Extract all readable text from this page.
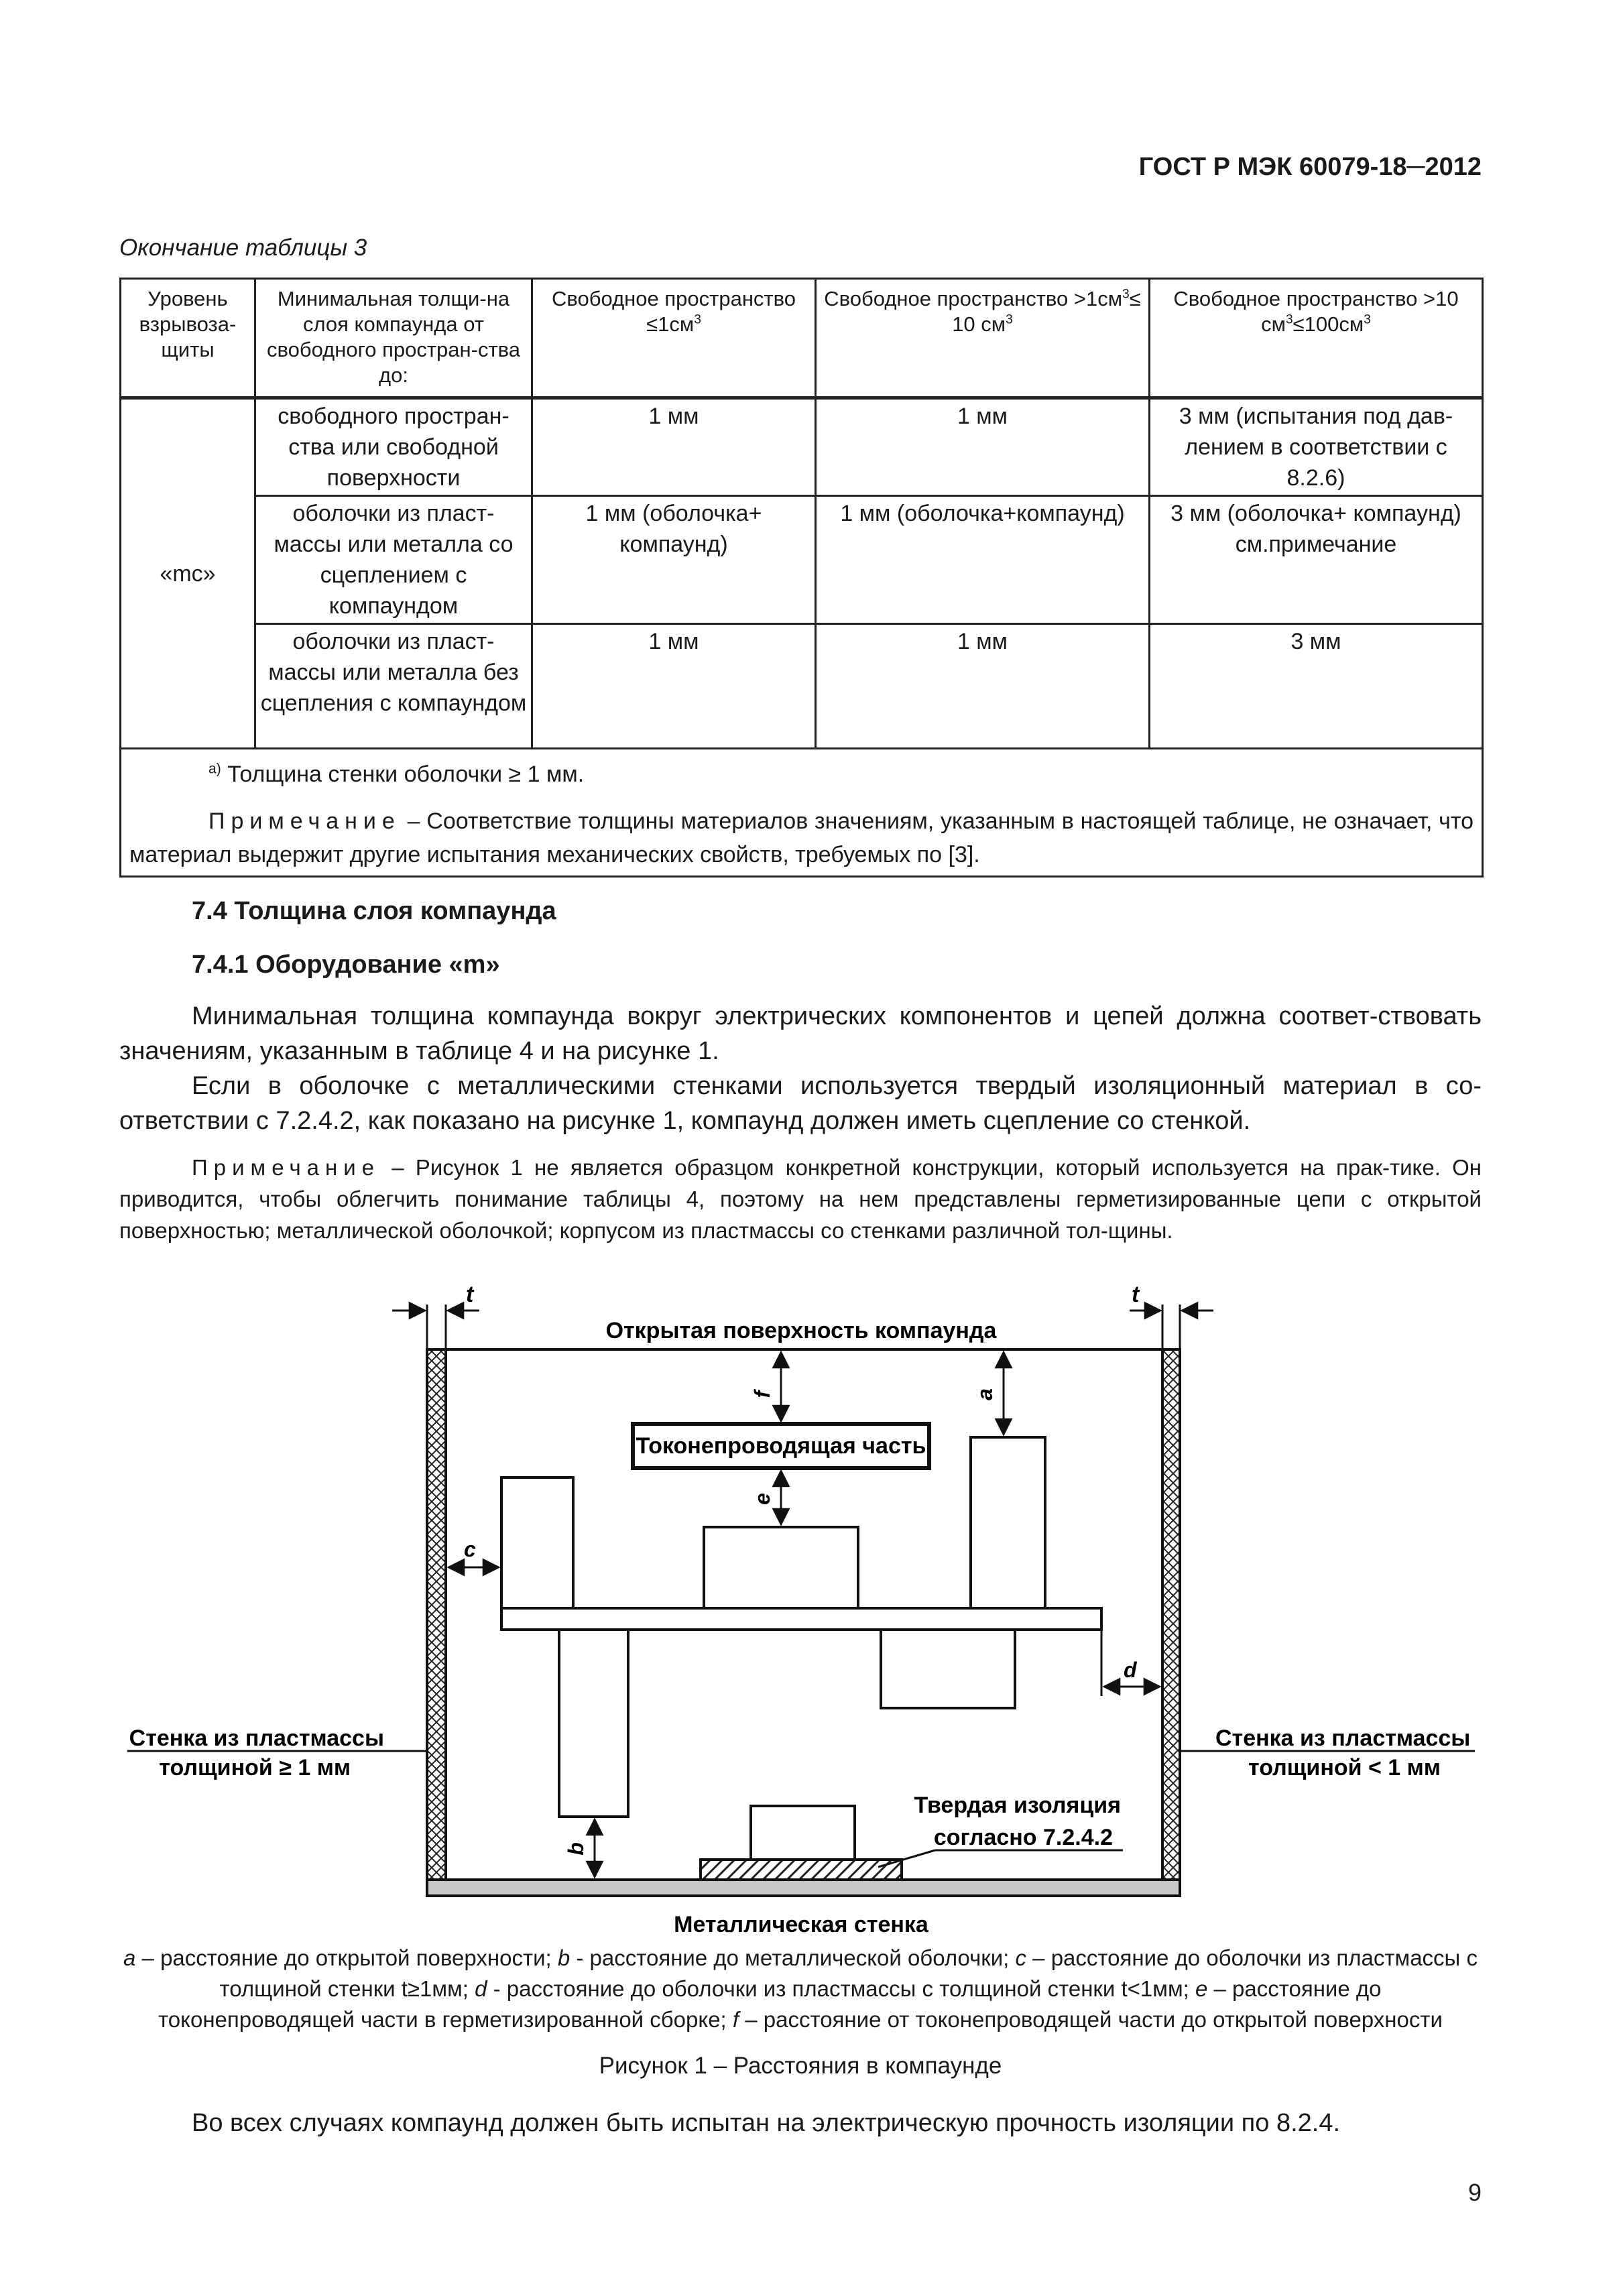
ГОСТ Р МЭК 60079-18─2012
Окончание таблицы 3
Уровень взрывоза-щиты	Минимальная толщи-на слоя компаунда от свободного простран-ства до:	Свободное пространство $\le 1см^3$	Свободное пространство $>1см^3\le 10$ $см^3$	Свободное пространство >10 $см^3\le 100см^3$
«mc»	свободного простран-ства или свободной поверхности	1 мм	1 мм	3 мм (испытания под дав-лением в соответствии с 8.2.6)
	оболочки из пласт-массы или металла со сцеплением с компаундом	1 мм (оболочка+ компаунд)	1 мм (оболочка+компаунд)	3 мм (оболочка+ компаунд) см.примечание
	оболочки из пласт-массы или металла без сцепления с компаундом	1 мм	1 мм	3 мм

$^{а)}$ Толщина стенки оболочки ≥ 1 мм.
Примечание – Соответствие толщины материалов значениям, указанным в настоящей таблице, не означает, что материал выдержит другие испытания механических свойств, требуемых по [3].				
7.4 Толщина слоя компаунда
7.4.1 Оборудование «m»
Минимальная толщина компаунда вокруг электрических компонентов и цепей должна соответ-ствовать значениям, указанным в таблице 4 и на рисунке 1.
Если в оболочке с металлическими стенками используется твердый изоляционный материал в со-ответствии с 7.2.4.2, как показано на рисунке 1, компаунд должен иметь сцепление со стенкой.
Примечание – Рисунок 1 не является образцом конкретной конструкции, который используется на прак-тике. Он приводится, чтобы облегчить понимание таблицы 4, поэтому на нем представлены герметизированные цепи с открытой поверхностью; металлической оболочкой; корпусом из пластмассы со стенками различной тол-щины.
Токонепроводящая часть
Открытая поверхность компаунда
Металлическая стенка
Стенка из пластмассы
толщиной ≥ 1 мм
Стенка из пластмассы
толщиной < 1 мм
Твердая изоляция
согласно 7.2.4.2
t	t
f	a
e
c
d
b
a – расстояние до открытой поверхности; b - расстояние до металлической оболочки; c – расстояние до оболочки из пластмассы с толщиной стенки t≥1мм; d - расстояние до оболочки из пластмассы с толщиной стенки t<1мм; e – расстояние до токонепроводящей части в герметизированной сборке; f – расстояние от токонепроводящей части до открытой поверхности
Рисунок 1 – Расстояния в компаунде
Во всех случаях компаунд должен быть испытан на электрическую прочность изоляции по 8.2.4.
9
